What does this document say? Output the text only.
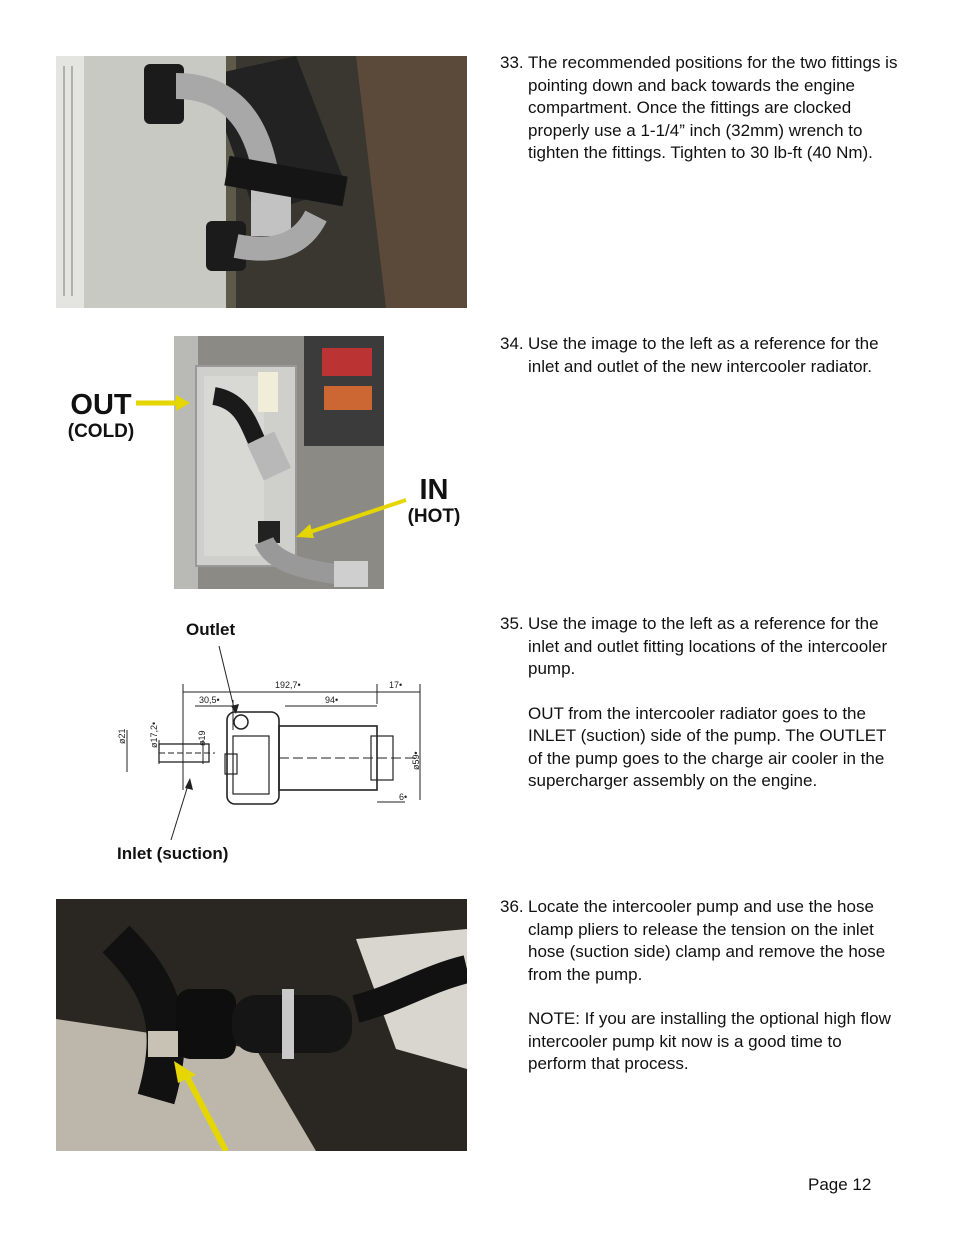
OUT
(COLD)
IN
(HOT)
Outlet
Inlet (suction)
192,7•
30,5•	94•
17•
6•
ø21 ø17,2•	ø19
ø59•
33. The recommended positions for the two fittings is pointing down and back towards the engine compartment. Once the fittings are clocked properly use a 1-1/4” inch (32mm) wrench to tighten the fittings. Tighten to 30 lb-ft (40 Nm).

34. Use the image to the left as a reference for the inlet and outlet of the new intercooler radiator.

35. Use the image to the left as a reference for the inlet and outlet fitting locations of the intercooler pump.

OUT from the intercooler radiator goes to the INLET (suction) side of the pump. The OUTLET of the pump goes to the charge air cooler in the supercharger assembly on the engine.

36. Locate the intercooler pump and use the hose clamp pliers to release the tension on the inlet hose (suction side) clamp and remove the hose from the pump.

NOTE: If you are installing the optional high flow intercooler pump kit now is a good time to perform that process.

Page 12
